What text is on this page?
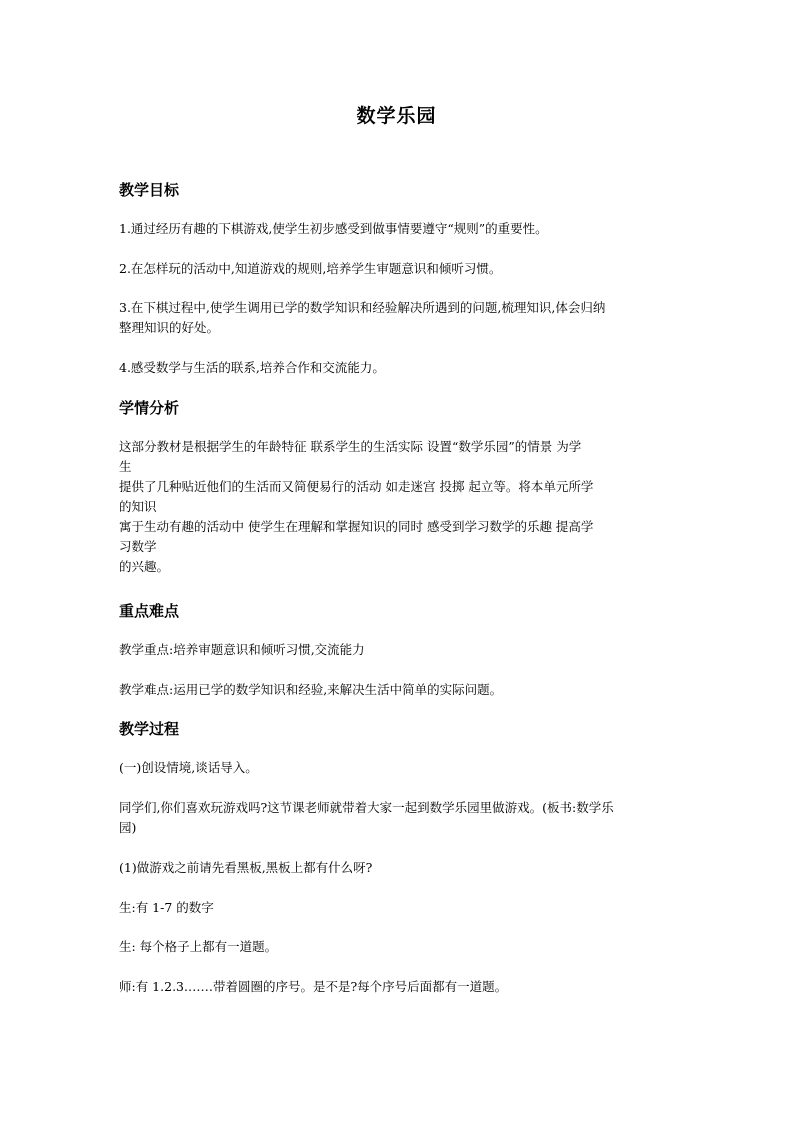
数学乐园
教学目标

1.通过经历有趣的下棋游戏,使学生初步感受到做事情要遵守“规则”的重要性。

2.在怎样玩的活动中,知道游戏的规则,培养学生审题意识和倾听习惯。

3.在下棋过程中,使学生调用已学的数学知识和经验解决所遇到的问题,梳理知识,体会归纳

整理知识的好处。

4.感受数学与生活的联系,培养合作和交流能力。

学情分析

这部分教材是根据学生的年龄特征 联系学生的生活实际 设置“数学乐园”的情景 为学

生

提供了几种贴近他们的生活而又简便易行的活动 如走迷宫 投掷 起立等。将本单元所学

的知识

寓于生动有趣的活动中 使学生在理解和掌握知识的同时 感受到学习数学的乐趣 提高学

习数学

的兴趣。

重点难点

教学重点:培养审题意识和倾听习惯,交流能力

教学难点:运用已学的数学知识和经验,来解决生活中简单的实际问题。

教学过程

(一)创设情境,谈话导入。

同学们,你们喜欢玩游戏吗?这节课老师就带着大家一起到数学乐园里做游戏。(板书:数学乐

园)

(1)做游戏之前请先看黑板,黑板上都有什么呀?

生:有 1-7 的数字

生: 每个格子上都有一道题。

师:有 1.2.3.……带着圆圈的序号。是不是?每个序号后面都有一道题。
